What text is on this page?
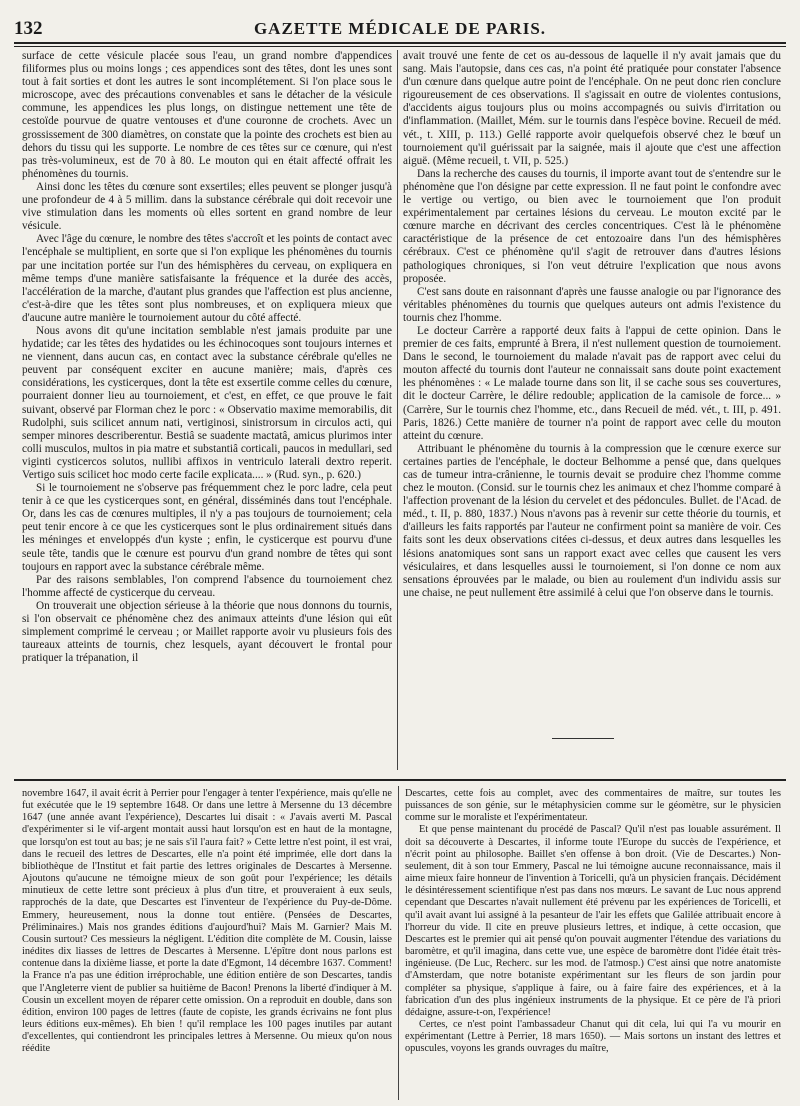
132	GAZETTE MÉDICALE DE PARIS.

surface de cette vésicule placée sous l'eau, un grand nombre d'appendices filiformes plus ou moins longs ; ces appendices sont des têtes, dont les unes sont tout à fait sorties et dont les autres le sont incomplétement. Si l'on place sous le microscope, avec des précautions convenables et sans le détacher de la vésicule commune, les appendices les plus longs, on distingue nettement une tête de cestoïde pourvue de quatre ventouses et d'une couronne de crochets. Avec un grossissement de 300 diamètres, on constate que la pointe des crochets est bien au dehors du tissu qui les supporte. Le nombre de ces têtes sur ce cœnure, qui n'est pas très-volumineux, est de 70 à 80. Le mouton qui en était affecté offrait les phénomènes du tournis.

Ainsi donc les têtes du cœnure sont exsertiles; elles peuvent se plonger jusqu'à une profondeur de 4 à 5 millim. dans la substance cérébrale qui doit recevoir une vive stimulation dans les moments où elles sortent en grand nombre de leur vésicule.

Avec l'âge du cœnure, le nombre des têtes s'accroît et les points de contact avec l'encéphale se multiplient, en sorte que si l'on explique les phénomènes du tournis par une incitation portée sur l'un des hémisphères du cerveau, on expliquera en même temps d'une manière satisfaisante la fréquence et la durée des accès, l'accélération de la marche, d'autant plus grandes que l'affection est plus ancienne, c'est-à-dire que les têtes sont plus nombreuses, et on expliquera mieux que d'aucune autre manière le tournoiement autour du côté affecté.

Nous avons dit qu'une incitation semblable n'est jamais produite par une hydatide; car les têtes des hydatides ou les échinocoques sont toujours internes et ne viennent, dans aucun cas, en contact avec la substance cérébrale qu'elles ne peuvent par conséquent exciter en aucune manière; mais, d'après ces considérations, les cysticerques, dont la tête est exsertile comme celles du cœnure, pourraient donner lieu au tournoiement, et c'est, en effet, ce que prouve le fait suivant, observé par Florman chez le porc : « Observatio maxime memorabilis, dit Rudolphi, suis scilicet annum nati, vertiginosi, sinistrorsum in circulos acti, qui semper minores describerentur. Bestiâ se suadente mactatâ, amicus plurimos inter colli musculos, multos in pia matre et substantiâ corticali, paucos in medullari, sed viginti cysticercos solutos, nullibi affixos in ventriculo laterali dextro reperit. Vertigo suis scilicet hoc modo certe facile explicata.... » (Rud. syn., p. 620.)

Si le tournoiement ne s'observe pas fréquemment chez le porc ladre, cela peut tenir à ce que les cysticerques sont, en général, disséminés dans tout l'encéphale. Or, dans les cas de cœnures multiples, il n'y a pas toujours de tournoiement; cela peut tenir encore à ce que les cysticerques sont le plus ordinairement situés dans les méninges et enveloppés d'un kyste ; enfin, le cysticerque est pourvu d'une seule tête, tandis que le cœnure est pourvu d'un grand nombre de têtes qui sont toujours en rapport avec la substance cérébrale même.

Par des raisons semblables, l'on comprend l'absence du tournoiement chez l'homme affecté de cysticerque du cerveau.

On trouverait une objection sérieuse à la théorie que nous donnons du tournis, si l'on observait ce phénomène chez des animaux atteints d'une lésion qui eût simplement comprimé le cerveau ; or Maillet rapporte avoir vu plusieurs fois des taureaux atteints de tournis, chez lesquels, ayant découvert le frontal pour pratiquer la trépanation, il

avait trouvé une fente de cet os au-dessous de laquelle il n'y avait jamais que du sang. Mais l'autopsie, dans ces cas, n'a point été pratiquée pour constater l'absence d'un cœnure dans quelque autre point de l'encéphale. On ne peut donc rien conclure rigoureusement de ces observations. Il s'agissait en outre de violentes contusions, d'accidents aigus toujours plus ou moins accompagnés ou suivis d'irritation ou d'inflammation. (Maillet, Mém. sur le tournis dans l'espèce bovine. Recueil de méd. vét., t. XIII, p. 113.) Gellé rapporte avoir quelquefois observé chez le bœuf un tournoiement qu'il guérissait par la saignée, mais il ajoute que c'est une affection aiguë. (Même recueil, t. VII, p. 525.)

Dans la recherche des causes du tournis, il importe avant tout de s'entendre sur le phénomène que l'on désigne par cette expression. Il ne faut point le confondre avec le vertige ou vertigo, ou bien avec le tournoiement que l'on produit expérimentalement par certaines lésions du cerveau. Le mouton excité par le cœnure marche en décrivant des cercles concentriques. C'est là le phénomène caractéristique de la présence de cet entozoaire dans l'un des hémisphères cérébraux. C'est ce phénomène qu'il s'agit de retrouver dans d'autres lésions pathologiques chroniques, si l'on veut détruire l'explication que nous avons proposée.

C'est sans doute en raisonnant d'après une fausse analogie ou par l'ignorance des véritables phénomènes du tournis que quelques auteurs ont admis l'existence du tournis chez l'homme.

Le docteur Carrère a rapporté deux faits à l'appui de cette opinion. Dans le premier de ces faits, emprunté à Brera, il n'est nullement question de tournoiement. Dans le second, le tournoiement du malade n'avait pas de rapport avec celui du mouton affecté du tournis dont l'auteur ne connaissait sans doute point exactement les phénomènes : « Le malade tourne dans son lit, il se cache sous ses couvertures, dit le docteur Carrère, le délire redouble; application de la camisole de force... » (Carrère, Sur le tournis chez l'homme, etc., dans Recueil de méd. vét., t. III, p. 491. Paris, 1826.) Cette manière de tourner n'a point de rapport avec celle du mouton atteint du cœnure.

Attribuant le phénomène du tournis à la compression que le cœnure exerce sur certaines parties de l'encéphale, le docteur Belhomme a pensé que, dans quelques cas de tumeur intra-crânienne, le tournis devait se produire chez l'homme comme chez le mouton. (Consid. sur le tournis chez les animaux et chez l'homme comparé à l'affection provenant de la lésion du cervelet et des pédoncules. Bullet. de l'Acad. de méd., t. II, p. 880, 1837.) Nous n'avons pas à revenir sur cette théorie du tournis, et d'ailleurs les faits rapportés par l'auteur ne confirment point sa manière de voir. Ces faits sont les deux observations citées ci-dessus, et deux autres dans lesquelles les lésions anatomiques sont sans un rapport exact avec celles que causent les vers vésiculaires, et dans lesquelles aussi le tournoiement, si l'on donne ce nom aux sensations éprouvées par le malade, ou bien au roulement d'un individu assis sur une chaise, ne peut nullement être assimilé à celui que l'on observe dans le tournis.

novembre 1647, il avait écrit à Perrier pour l'engager à tenter l'expérience, mais qu'elle ne fut exécutée que le 19 septembre 1648. Or dans une lettre à Mersenne du 13 décembre 1647 (une année avant l'expérience), Descartes lui disait : « J'avais averti M. Pascal d'expérimenter si le vif-argent montait aussi haut lorsqu'on est en haut de la montagne, que lorsqu'on est tout au bas; je ne sais s'il l'aura fait? » Cette lettre n'est point, il est vrai, dans le recueil des lettres de Descartes, elle n'a point été imprimée, elle dort dans la bibliothèque de l'Institut et fait partie des lettres originales de Descartes à Mersenne. Ajoutons qu'aucune ne témoigne mieux de son goût pour l'expérience; les détails minutieux de cette lettre sont précieux à plus d'un titre, et prouveraient à eux seuls, rapprochés de la date, que Descartes est l'inventeur de l'expérience du Puy-de-Dôme. Emmery, heureusement, nous la donne tout entière. (Pensées de Descartes, Préliminaires.) Mais nos grandes éditions d'aujourd'hui? Mais M. Garnier? Mais M. Cousin surtout? Ces messieurs la négligent. L'édition dite complète de M. Cousin, laisse inédites dix liasses de lettres de Descartes à Mersenne. L'épître dont nous parlons est contenue dans la dixième liasse, et porte la date d'Egmont, 14 décembre 1637. Comment! la France n'a pas une édition irréprochable, une édition entière de son Descartes, tandis que l'Angleterre vient de publier sa huitième de Bacon! Prenons la liberté d'indiquer à M. Cousin un excellent moyen de réparer cette omission. On a reproduit en double, dans son édition, environ 100 pages de lettres (faute de copiste, les grands écrivains ne font plus leurs éditions eux-mêmes). Eh bien ! qu'il remplace les 100 pages inutiles par autant d'excellentes, qui contiendront les principales lettres à Mersenne. Ou mieux qu'on nous réédite

Descartes, cette fois au complet, avec des commentaires de maître, sur toutes les puissances de son génie, sur le métaphysicien comme sur le géomètre, sur le physicien comme sur le moraliste et l'expérimentateur.

Et que pense maintenant du procédé de Pascal? Qu'il n'est pas louable assurément. Il doit sa découverte à Descartes, il informe toute l'Europe du succès de l'expérience, et n'écrit point au philosophe. Baillet s'en offense à bon droit. (Vie de Descartes.) Non-seulement, dit à son tour Emmery, Pascal ne lui témoigne aucune reconnaissance, mais il aime mieux faire honneur de l'invention à Toricelli, qu'à un physicien français. Décidément le désintéressement scientifique n'est pas dans nos mœurs. Le savant de Luc nous apprend cependant que Descartes n'avait nullement été prévenu par les expériences de Toricelli, et qu'il avait avant lui assigné à la pesanteur de l'air les effets que Galilée attribuait encore à l'horreur du vide. Il cite en preuve plusieurs lettres, et indique, à cette occasion, que Descartes est le premier qui ait pensé qu'on pouvait augmenter l'étendue des variations du baromètre, et qu'il imagina, dans cette vue, une espèce de baromètre dont l'idée était très-ingénieuse. (De Luc, Recherc. sur les mod. de l'atmosp.) C'est ainsi que notre anatomiste d'Amsterdam, que notre botaniste expérimentant sur les fleurs de son jardin pour compléter sa physique, s'applique à faire, ou à faire faire des expériences, et à la fabrication d'un des plus ingénieux instruments de la physique. Et ce père de l'à priori dédaigne, assure-t-on, l'expérience!

Certes, ce n'est point l'ambassadeur Chanut qui dit cela, lui qui l'a vu mourir en expérimentant (Lettre à Perrier, 18 mars 1650). — Mais sortons un instant des lettres et opuscules, voyons les grands ouvrages du maître,
